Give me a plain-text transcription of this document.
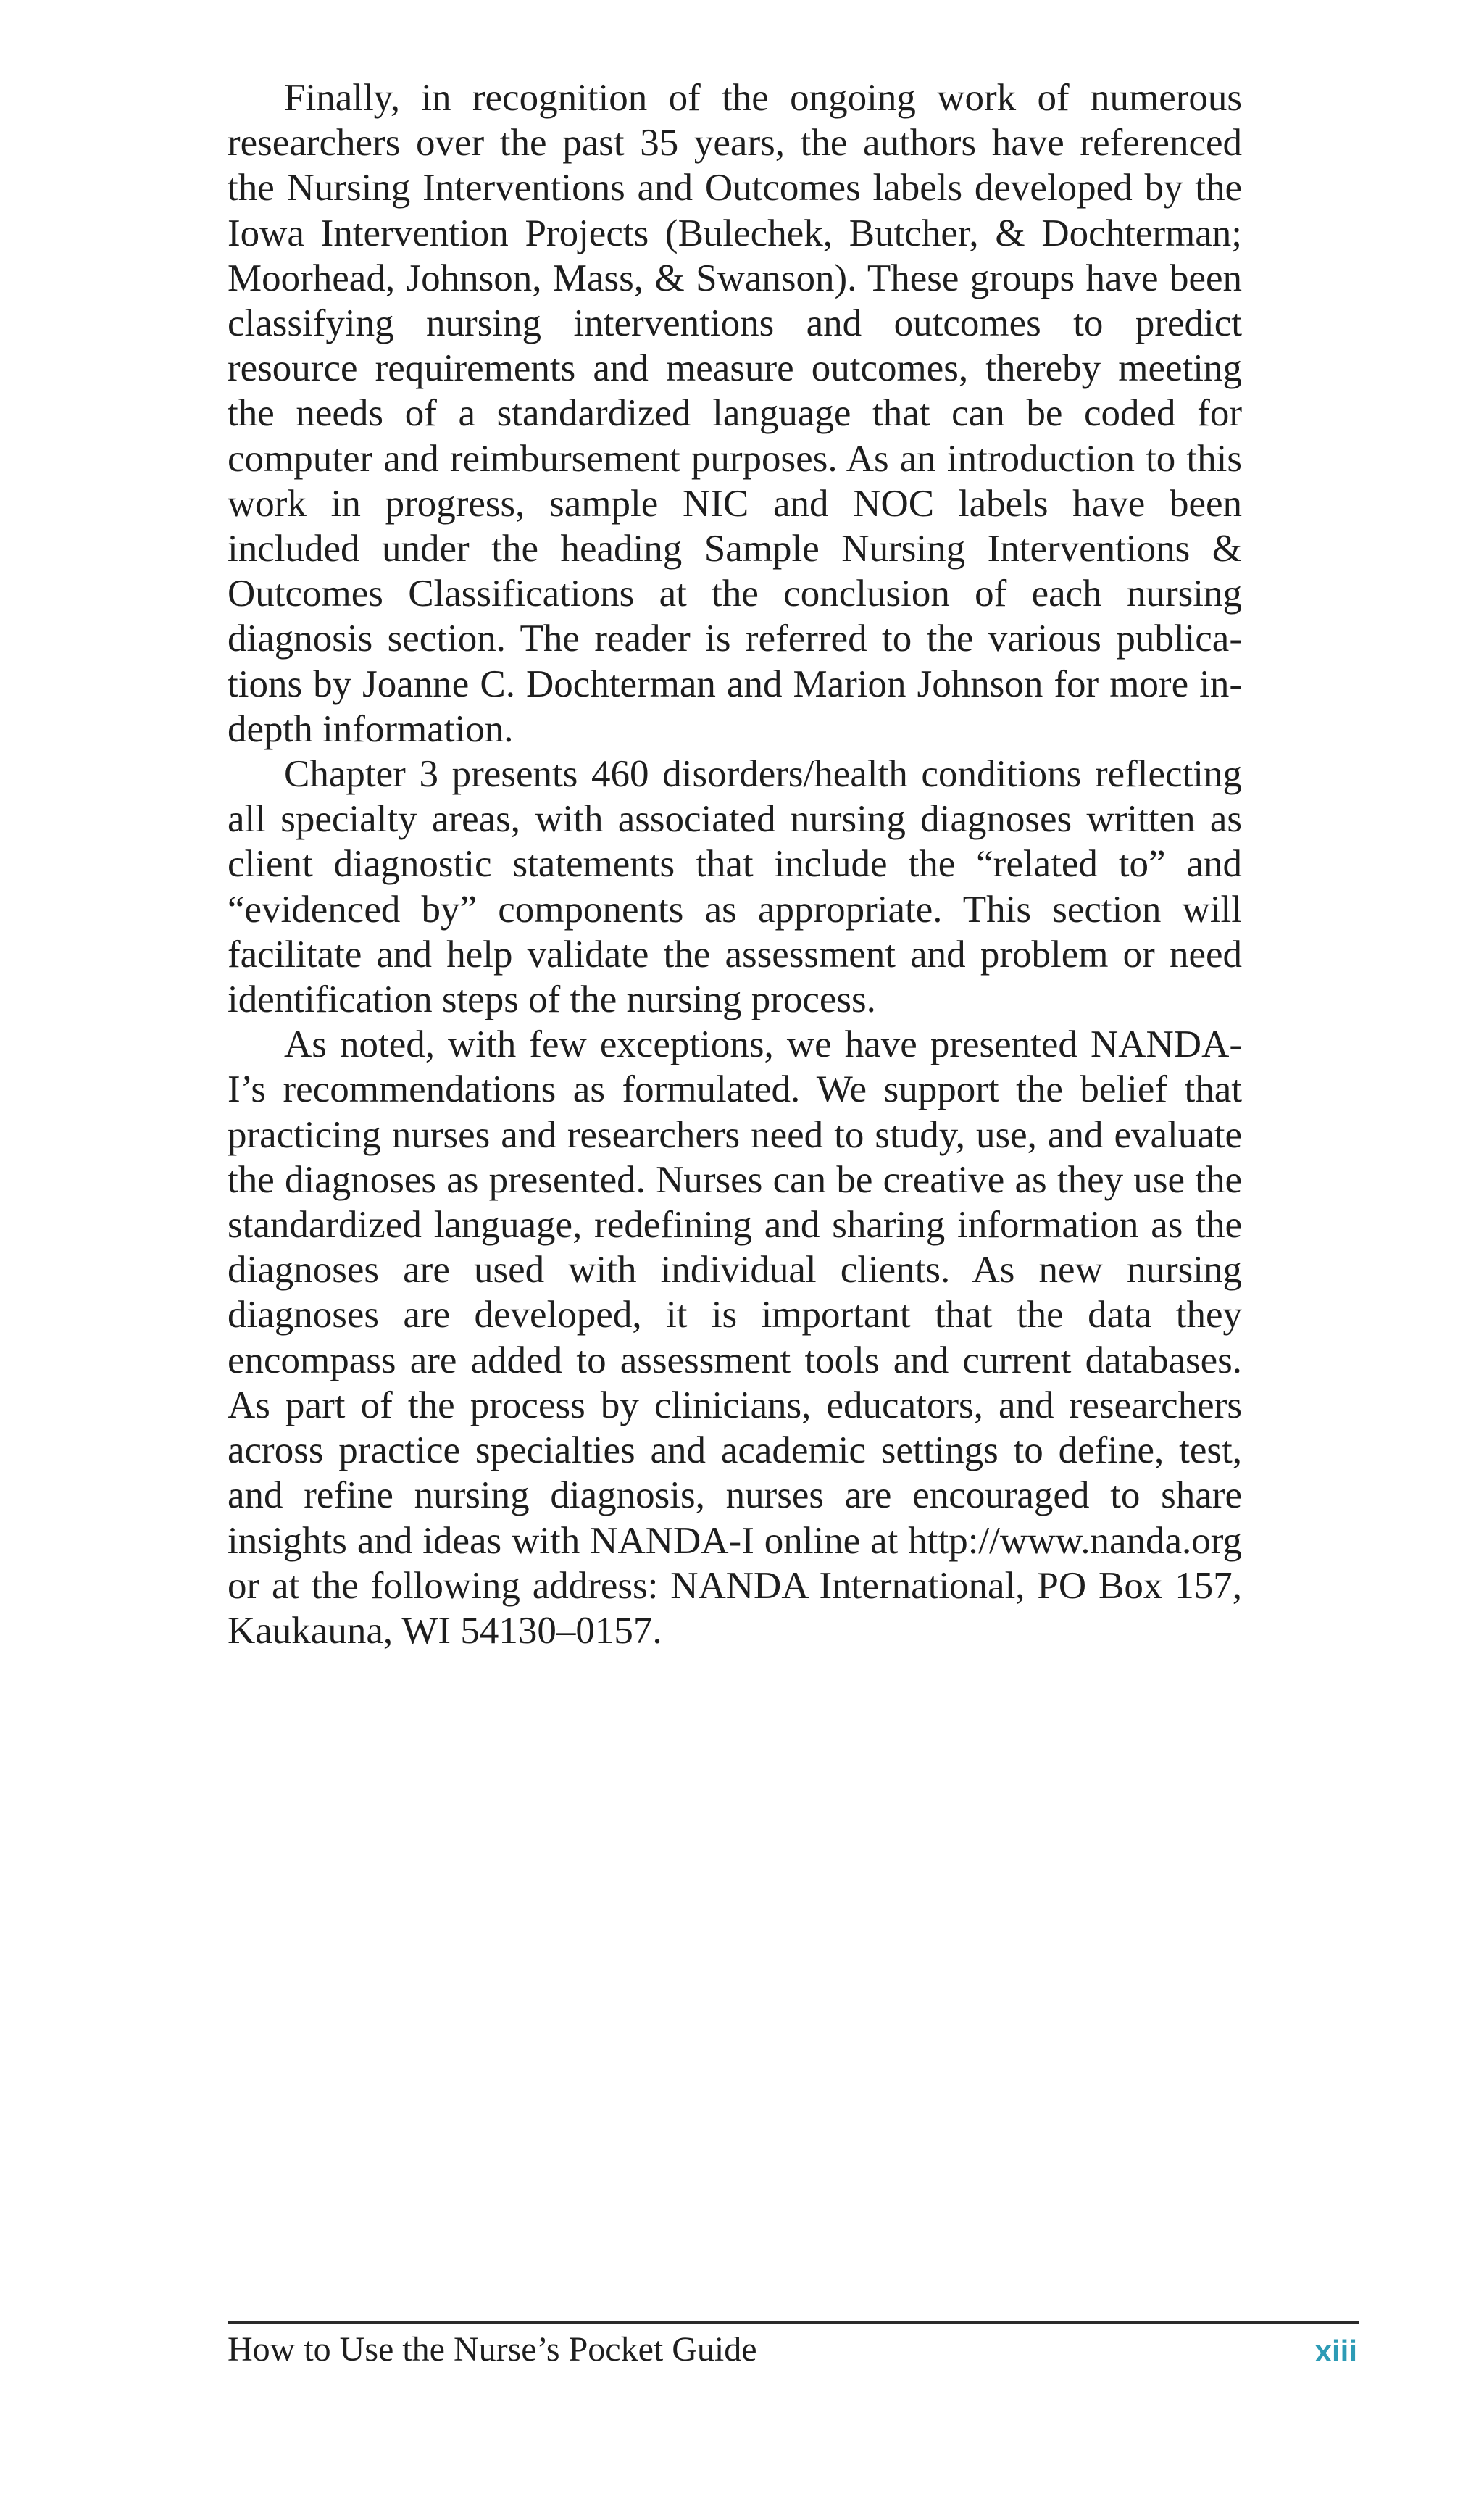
Finally, in recognition of the ongoing work of numerous researchers over the past 35 years, the authors have referenced the Nursing Interventions and Outcomes labels developed by the Iowa Intervention Projects (Bulechek, Butcher, & Dochterman; Moorhead, Johnson, Mass, & Swanson). These groups have been classifying nursing interventions and outcomes to predict resource requirements and measure outcomes, thereby meeting the needs of a standardized language that can be coded for computer and reimbursement purposes. As an introduction to this work in progress, sample NIC and NOC labels have been included under the heading Sample Nursing Interventions & Outcomes Classifications at the conclusion of each nursing diagnosis section. The reader is referred to the various publications by Joanne C. Dochterman and Marion Johnson for more in-depth information.

Chapter 3 presents 460 disorders/health conditions reflecting all specialty areas, with associated nursing diagnoses written as client diagnostic statements that include the “related to” and “evidenced by” components as appropriate. This section will facilitate and help validate the assessment and problem or need identification steps of the nursing process.

As noted, with few exceptions, we have presented NANDA-I’s recommendations as formulated. We support the belief that practicing nurses and researchers need to study, use, and evaluate the diagnoses as presented. Nurses can be creative as they use the standardized language, redefining and sharing information as the diagnoses are used with individual clients. As new nursing diagnoses are developed, it is important that the data they encompass are added to assessment tools and current databases. As part of the process by clinicians, educators, and researchers across practice specialties and academic settings to define, test, and refine nursing diagnosis, nurses are encouraged to share insights and ideas with NANDA-I online at http://​www.nanda.org or at the following address: NANDA International, PO Box 157, Kaukauna, WI 54130–0157.

How to Use the Nurse’s Pocket Guide	xiii
